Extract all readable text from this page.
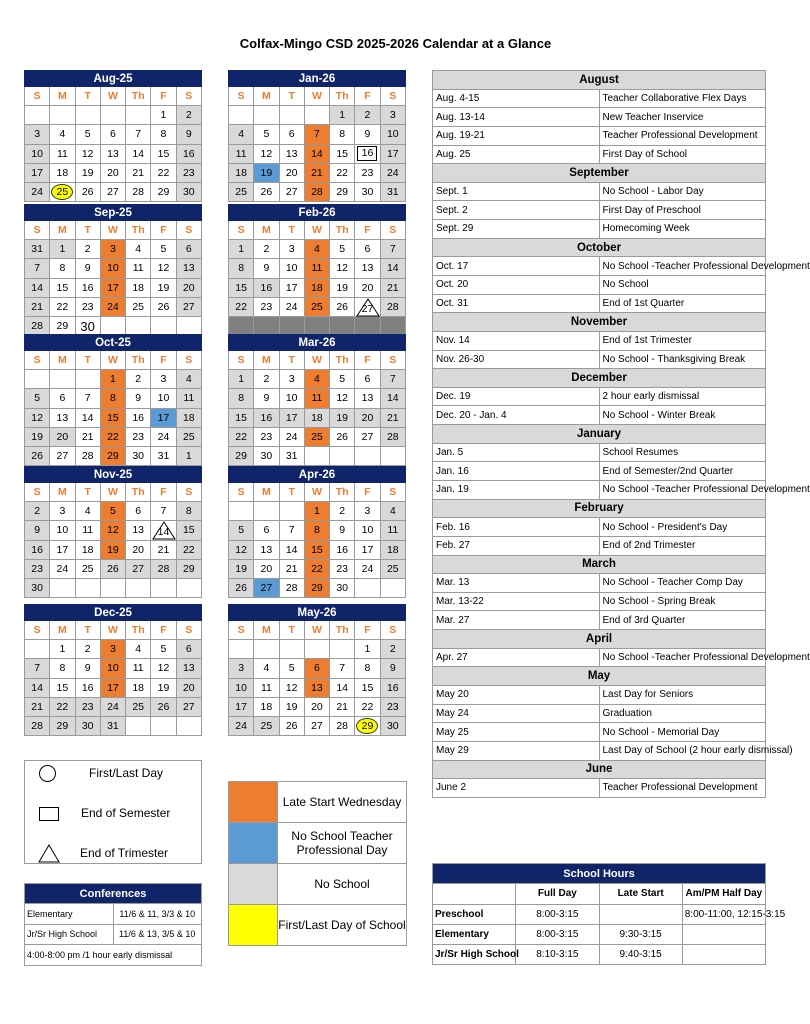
Colfax-Mingo CSD 2025-2026 Calendar at a Glance
Aug-25						
S	M	T	W	Th	F	S
					1	2
3	4	5	6	7	8	9
10	11	12	13	14	15	16
17	18	19	20	21	22	23
24	25	26	27	28	29	30
Sep-25						
S	M	T	W	Th	F	S
31	1	2	3	4	5	6
7	8	9	10	11	12	13
14	15	16	17	18	19	20
21	22	23	24	25	26	27
28	29	30				
Oct-25						
S	M	T	W	Th	F	S
			1	2	3	4
5	6	7	8	9	10	11
12	13	14	15	16	17	18
19	20	21	22	23	24	25
26	27	28	29	30	31	1
Nov-25						
S	M	T	W	Th	F	S
2	3	4	5	6	7	8
9	10	11	12	13	14	15
16	17	18	19	20	21	22
23	24	25	26	27	28	29
30						
Dec-25						
S	M	T	W	Th	F	S
	1	2	3	4	5	6
7	8	9	10	11	12	13
14	15	16	17	18	19	20
21	22	23	24	25	26	27
28	29	30	31			
Jan-26						
S	M	T	W	Th	F	S
				1	2	3
4	5	6	7	8	9	10
11	12	13	14	15	16	17
18	19	20	21	22	23	24
25	26	27	28	29	30	31
Feb-26						
S	M	T	W	Th	F	S
1	2	3	4	5	6	7
8	9	10	11	12	13	14
15	16	17	18	19	20	21
22	23	24	25	26	27	28

Mar-26						
S	M	T	W	Th	F	S
1	2	3	4	5	6	7
8	9	10	11	12	13	14
15	16	17	18	19	20	21
22	23	24	25	26	27	28
29	30	31				
Apr-26						
S	M	T	W	Th	F	S
			1	2	3	4
5	6	7	8	9	10	11
12	13	14	15	16	17	18
19	20	21	22	23	24	25
26	27	28	29	30		
May-26						
S	M	T	W	Th	F	S
					1	2
3	4	5	6	7	8	9
10	11	12	13	14	15	16
17	18	19	20	21	22	23
24	25	26	27	28	29	30
August	
Aug. 4-15	Teacher Collaborative Flex Days
Aug. 13-14	New Teacher Inservice
Aug. 19-21	Teacher Professional Development
Aug. 25	First Day of School
September	
Sept. 1	No School - Labor Day
Sept. 2	First Day of Preschool
Sept. 29	Homecoming Week
October	
Oct. 17	No School -Teacher Professional Development
Oct. 20	No School
Oct. 31	End of 1st Quarter
November	
Nov. 14	End of 1st Trimester
Nov. 26-30	No School - Thanksgiving Break
December	
Dec. 19	2 hour early dismissal
Dec. 20 - Jan. 4	No School - Winter Break
January	
Jan. 5	School Resumes
Jan. 16	End of Semester/2nd Quarter
Jan. 19	No School -Teacher Professional Development
February	
Feb. 16	No School - President's Day
Feb. 27	End of 2nd Trimester
March	
Mar. 13	No School - Teacher Comp Day
Mar. 13-22	No School - Spring Break
Mar. 27	End of 3rd Quarter
April	
Apr. 27	No School -Teacher Professional Development
May	
May 20	Last Day for Seniors
May 24	Graduation
May 25	No School - Memorial Day
May 29	Last Day of School (2 hour early dismissal)
June	
June 2	Teacher Professional Development
First/Last Day
End of Semester
End of Trimester
	Late Start Wednesday
	No School Teacher Professional Day
	No School
	First/Last Day of School
Conferences	
Elementary	11/6 & 11, 3/3 & 10
Jr/Sr High School	11/6 & 13, 3/5 & 10
4:00-8:00 pm /1 hour early dismissal	
School Hours			
	Full Day	Late Start	Am/PM Half Day
Preschool	8:00-3:15		8:00-11:00, 12:15-3:15
Elementary	8:00-3:15	9:30-3:15	
Jr/Sr High School	8:10-3:15	9:40-3:15	
